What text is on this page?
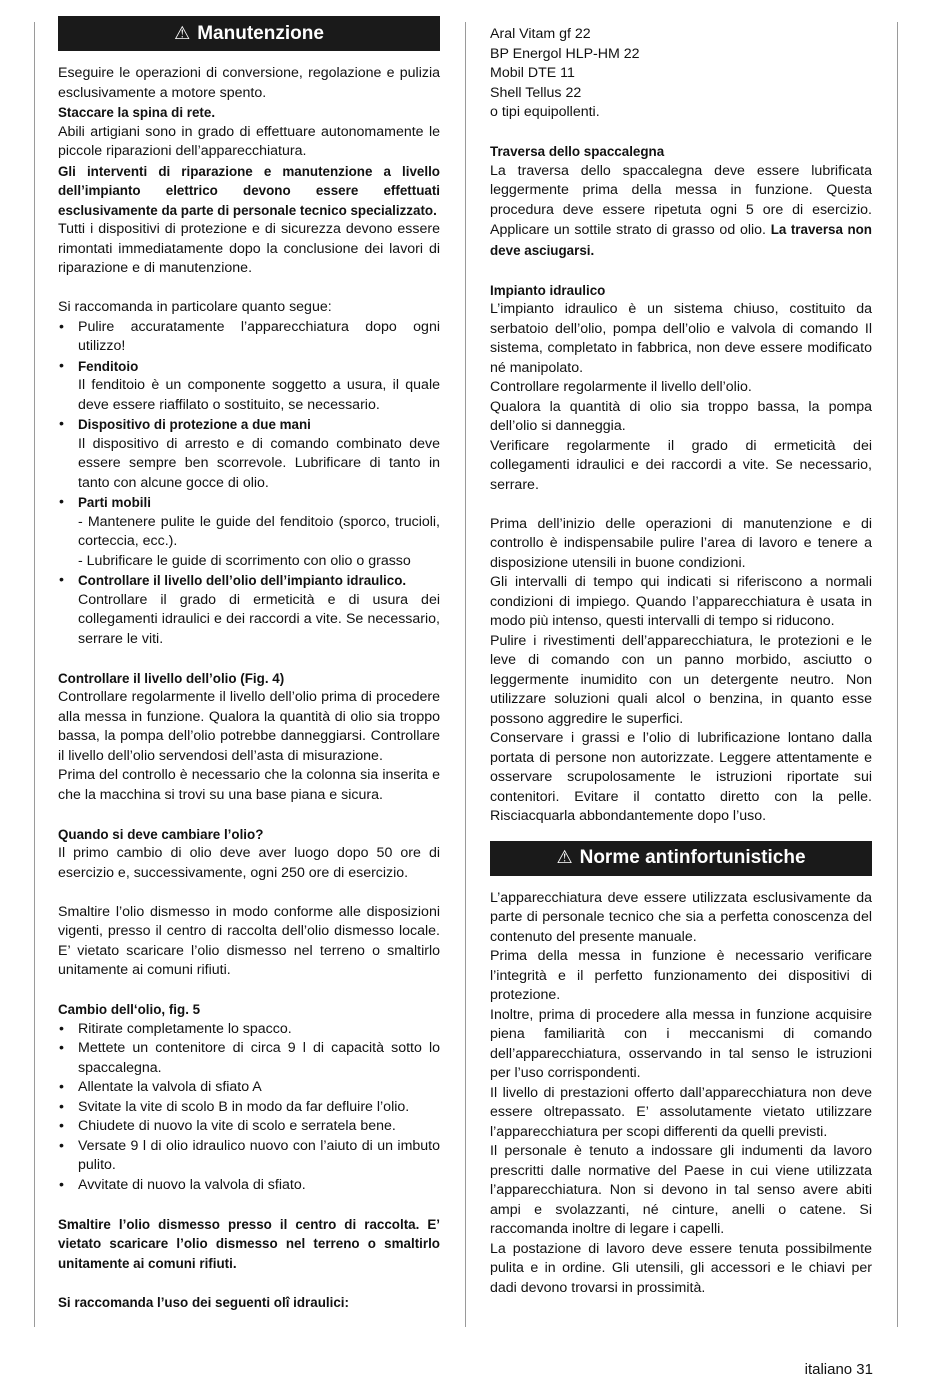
⚠ Manutenzione

Eseguire le operazioni di conversione, regolazione e pulizia esclusivamente a motore spento.

Staccare la spina di rete.

Abili artigiani sono in grado di effettuare autonomamente le piccole riparazioni dell’apparecchiatura.

Gli interventi di riparazione e manutenzione a livello dell’impianto elettrico devono essere effettuati esclusivamente da parte di personale tecnico specializzato.

Tutti i dispositivi di protezione e di sicurezza devono essere rimontati immediatamente dopo la conclusione dei lavori di riparazione e di manutenzione.

Si raccomanda in particolare quanto segue:

• Pulire accuratamente l’apparecchiatura dopo ogni utilizzo!
• Fenditoio
Il fenditoio è un componente soggetto a usura, il quale deve essere riaffilato o sostituito, se necessario.
• Dispositivo di protezione a due mani
Il dispositivo di arresto e di comando combinato deve essere sempre ben scorrevole. Lubrificare di tanto in tanto con alcune gocce di olio.
• Parti mobili
- Mantenere pulite le guide del fenditoio (sporco, trucioli, corteccia, ecc.).
- Lubrificare le guide di scorrimento con olio o grasso
• Controllare il livello dell’olio dell’impianto idraulico.
Controllare il grado di ermeticità e di usura dei collegamenti idraulici e dei raccordi a vite. Se necessario, serrare le viti.

Controllare il livello dell’olio (Fig. 4)

Controllare regolarmente il livello dell’olio prima di procedere alla messa in funzione. Qualora la quantità di olio sia troppo bassa, la pompa dell’olio potrebbe danneggiarsi. Controllare il livello dell’olio servendosi dell’asta di misurazione.

Prima del controllo è necessario che la colonna sia inserita e che la macchina si trovi su una base piana e sicura.

Quando si deve cambiare l’olio?

Il primo cambio di olio deve aver luogo dopo 50 ore di esercizio e, successivamente, ogni 250 ore di esercizio.

Smaltire l’olio dismesso in modo conforme alle disposizioni vigenti, presso il centro di raccolta dell’olio dismesso locale. E’ vietato scaricare l’olio dismesso nel terreno o smaltirlo unitamente ai comuni rifiuti.

Cambio dell‘olio, fig. 5

• Ritirate completamente lo spacco.
• Mettete un contenitore di circa 9 l di capacità sotto lo spaccalegna.
• Allentate la valvola di sfiato A
• Svitate la vite di scolo B in modo da far defluire l’olio.
• Chiudete di nuovo la vite di scolo e serratela bene.
• Versate 9 l di olio idraulico nuovo con l’aiuto di un imbuto pulito.
• Avvitate di nuovo la valvola di sfiato.

Smaltire l’olio dismesso presso il centro di raccolta. E’ vietato scaricare l’olio dismesso nel terreno o smaltirlo unitamente ai comuni rifiuti.

Si raccomanda l’uso dei seguenti olî idraulici:

Aral Vitam gf 22

BP Energol HLP-HM 22

Mobil DTE 11

Shell Tellus 22

o tipi equipollenti.

Traversa dello spaccalegna

La traversa dello spaccalegna deve essere lubrificata leggermente prima della messa in funzione. Questa procedura deve essere ripetuta ogni 5 ore di esercizio. Applicare un sottile strato di grasso od olio. La traversa non deve asciugarsi.

Impianto idraulico

L’impianto idraulico è un sistema chiuso, costituito da serbatoio dell’olio, pompa dell’olio e valvola di comando Il sistema, completato in fabbrica, non deve essere modificato né manipolato.

Controllare regolarmente il livello dell’olio.

Qualora la quantità di olio sia troppo bassa, la pompa dell’olio si danneggia.

Verificare regolarmente il grado di ermeticità dei collegamenti idraulici e dei raccordi a vite. Se necessario, serrare.

Prima dell’inizio delle operazioni di manutenzione e di controllo è indispensabile pulire l’area di lavoro e tenere a disposizione utensili in buone condizioni.

Gli intervalli di tempo qui indicati si riferiscono a normali condizioni di impiego. Quando l’apparecchiatura è usata in modo più intenso, questi intervalli di tempo si riducono.

Pulire i rivestimenti dell’apparecchiatura, le protezioni e le leve di comando con un panno morbido, asciutto o leggermente inumidito con un detergente neutro. Non utilizzare soluzioni quali alcol o benzina, in quanto esse possono aggredire le superfici.

Conservare i grassi e l’olio di lubrificazione lontano dalla portata di persone non autorizzate. Leggere attentamente e osservare scrupolosamente le istruzioni riportate sui contenitori. Evitare il contatto diretto con la pelle. Risciacquarla abbondantemente dopo l’uso.

⚠ Norme antinfortunistiche

L’apparecchiatura deve essere utilizzata esclusivamente da parte di personale tecnico che sia a perfetta conoscenza del contenuto del presente manuale.

Prima della messa in funzione è necessario verificare l’integrità e il perfetto funzionamento dei dispositivi di protezione.

Inoltre, prima di procedere alla messa in funzione acquisire piena familiarità con i meccanismi di comando dell’apparecchiatura, osservando in tal senso le istruzioni per l’uso corrispondenti.

Il livello di prestazioni offerto dall’apparecchiatura non deve essere oltrepassato. E’ assolutamente vietato utilizzare l’apparecchiatura per scopi differenti da quelli previsti.

Il personale è tenuto a indossare gli indumenti da lavoro prescritti dalle normative del Paese in cui viene utilizzata l’apparecchiatura. Non si devono in tal senso avere abiti ampi e svolazzanti, né cinture, anelli o catene. Si raccomanda inoltre di legare i capelli.

La postazione di lavoro deve essere tenuta possibilmente pulita e in ordine. Gli utensili, gli accessori e le chiavi per dadi devono trovarsi in prossimità.

italiano 31
